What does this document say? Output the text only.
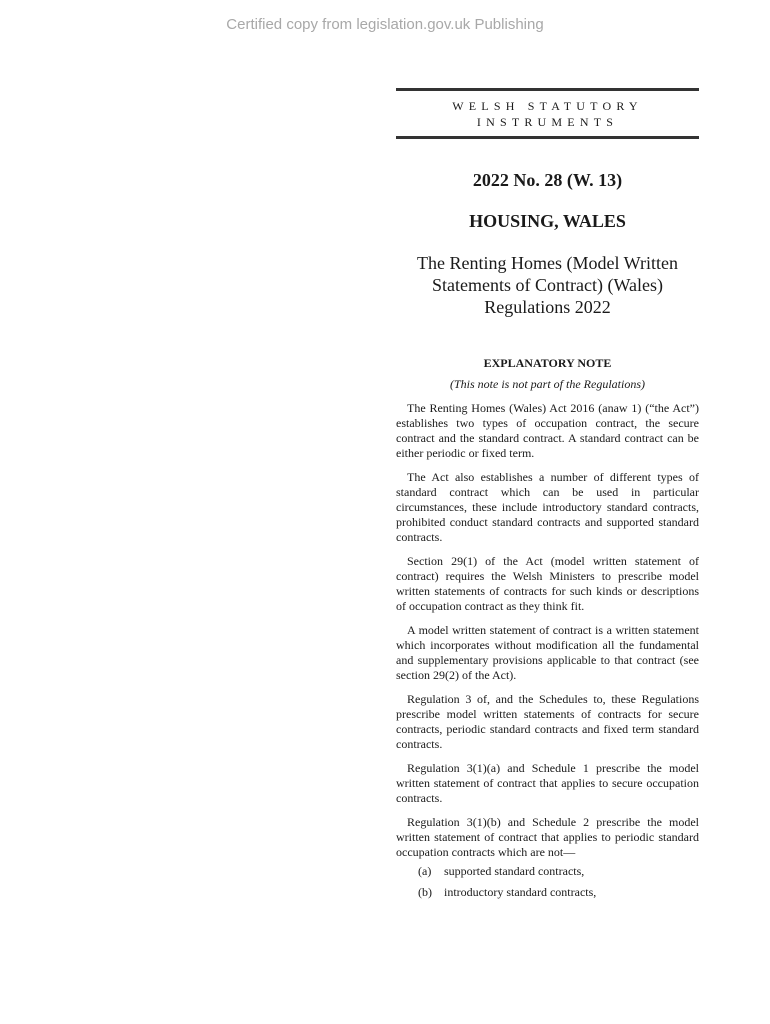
Certified copy from legislation.gov.uk Publishing
WELSH STATUTORY
INSTRUMENTS
2022 No. 28 (W. 13)
HOUSING, WALES
The Renting Homes (Model Written
Statements of Contract) (Wales)
Regulations 2022
EXPLANATORY NOTE
(This note is not part of the Regulations)

The Renting Homes (Wales) Act 2016 (anaw 1) (“the Act”) establishes two types of occupation contract, the secure contract and the standard contract. A standard contract can be either periodic or fixed term.

The Act also establishes a number of different types of standard contract which can be used in particular circumstances, these include introductory standard contracts, prohibited conduct standard contracts and supported standard contracts.

Section 29(1) of the Act (model written statement of contract) requires the Welsh Ministers to prescribe model written statements of contracts for such kinds or descriptions of occupation contract as they think fit.

A model written statement of contract is a written statement which incorporates without modification all the fundamental and supplementary provisions applicable to that contract (see section 29(2) of the Act).

Regulation 3 of, and the Schedules to, these Regulations prescribe model written statements of contracts for secure contracts, periodic standard contracts and fixed term standard contracts.

Regulation 3(1)(a) and Schedule 1 prescribe the model written statement of contract that applies to secure occupation contracts.

Regulation 3(1)(b) and Schedule 2 prescribe the model written statement of contract that applies to periodic standard occupation contracts which are not—

(a)	supported standard contracts,
(b)	introductory standard contracts,
